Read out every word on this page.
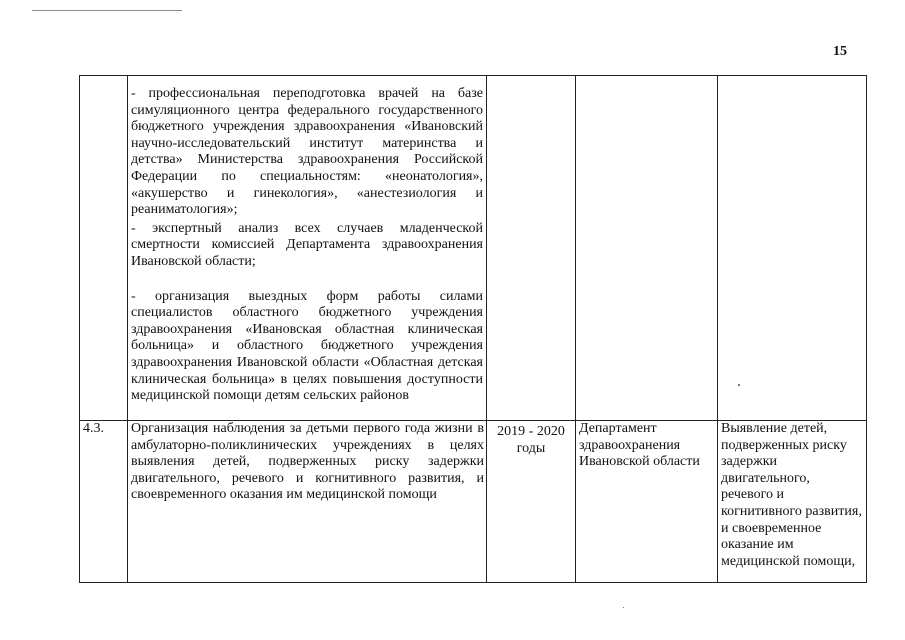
15

	- профессиональная переподготовка врачей на базе симуляционного центра федерального государственного бюджетного учреждения здравоохранения «Ивановский научно-исследовательский институт материнства и детства» Министерства здравоохранения Российской Федерации по специальностям: «неонатология», «акушерство и гинекология», «анестезиология и реаниматология»;

- экспертный анализ всех случаев младенческой смертности комиссией Департамента здравоохранения Ивановской области;

- организация выездных форм работы силами специалистов областного бюджетного учреждения здравоохранения «Ивановская областная клиническая больница» и областного бюджетного учреждения здравоохранения Ивановской области «Областная детская клиническая больница» в целях повышения доступности медицинской помощи детям сельских районов			

4.3.	Организация наблюдения за детьми первого года жизни в амбулаторно-поликлинических учреждениях в целях выявления детей, подверженных риску задержки двигательного, речевого и когнитивного развития, и своевременного оказания им медицинской помощи	2019 - 2020 годы	Департамент здравоохранения Ивановской области	Выявление детей, подверженных риску задержки двигательного, речевого и когнитивного развития, и своевременное оказание им медицинской помощи,
